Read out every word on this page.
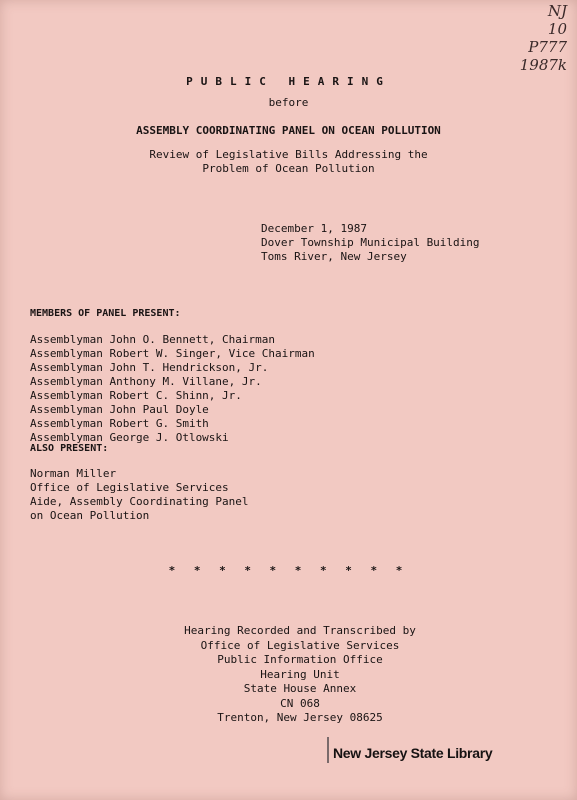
NJ
10
P777
1987k
PUBLIC HEARING
before
ASSEMBLY COORDINATING PANEL ON OCEAN POLLUTION
Review of Legislative Bills Addressing the
Problem of Ocean Pollution
December 1, 1987
Dover Township Municipal Building
Toms River, New Jersey
MEMBERS OF PANEL PRESENT:
Assemblyman John O. Bennett, Chairman
Assemblyman Robert W. Singer, Vice Chairman
Assemblyman John T. Hendrickson, Jr.
Assemblyman Anthony M. Villane, Jr.
Assemblyman Robert C. Shinn, Jr.
Assemblyman John Paul Doyle
Assemblyman Robert G. Smith
Assemblyman George J. Otlowski
ALSO PRESENT:
Norman Miller
Office of Legislative Services
Aide, Assembly Coordinating Panel
on Ocean Pollution
* * * * * * * * * *
Hearing Recorded and Transcribed by
Office of Legislative Services
Public Information Office
Hearing Unit
State House Annex
CN 068
Trenton, New Jersey 08625
New Jersey State Library
